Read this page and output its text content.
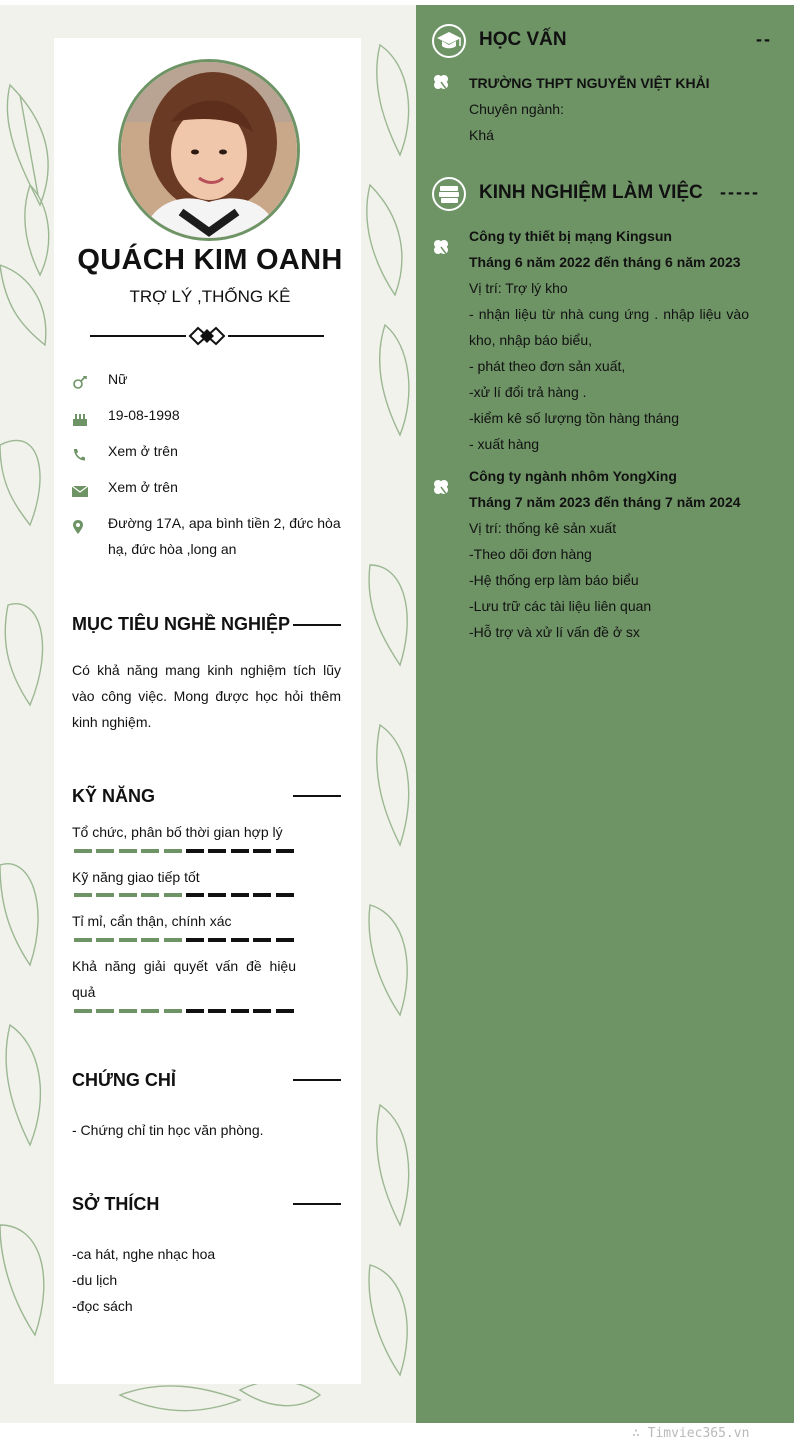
QUÁCH KIM OANH
TRỢ LÝ ,THỐNG KÊ
Nữ
19-08-1998
Xem ở trên
Xem ở trên
Đường 17A, apa bình tiền 2, đức hòa hạ, đức hòa ,long an
MỤC TIÊU NGHỀ NGHIỆP
Có khả năng mang kinh nghiệm tích lũy vào công việc. Mong được học hỏi thêm kinh nghiệm.
KỸ NĂNG
Tổ chức, phân bố thời gian hợp lý
Kỹ năng giao tiếp tốt
Tỉ mỉ, cẩn thận, chính xác
Khả năng giải quyết vấn đề hiệu quả
CHỨNG CHỈ
- Chứng chỉ tin học văn phòng.
SỞ THÍCH
-ca hát, nghe nhạc hoa
-du lịch
-đọc sách
HỌC VẤN	--
TRƯỜNG THPT NGUYỄN VIỆT KHẢI
Chuyên ngành:
Khá
KINH NGHIỆM LÀM VIỆC -----
Công ty thiết bị mạng Kingsun
Tháng 6 năm 2022 đến tháng 6 năm 2023
Vị trí: Trợ lý kho
- nhận liệu từ nhà cung ứng . nhập liệu vào kho, nhập báo biểu,
- phát theo đơn sản xuất,
-xử lí đổi trả hàng .
-kiểm kê số lượng tồn hàng tháng
- xuất hàng
Công ty ngành nhôm YongXing
Tháng 7 năm 2023 đến tháng 7 năm 2024
Vị trí: thống kê sản xuất
-Theo dõi đơn hàng
-Hệ thống erp làm báo biểu
-Lưu trữ các tài liệu liên quan
-Hỗ trợ và xử lí vấn đề ở sx
∴ Timviec365.vn
